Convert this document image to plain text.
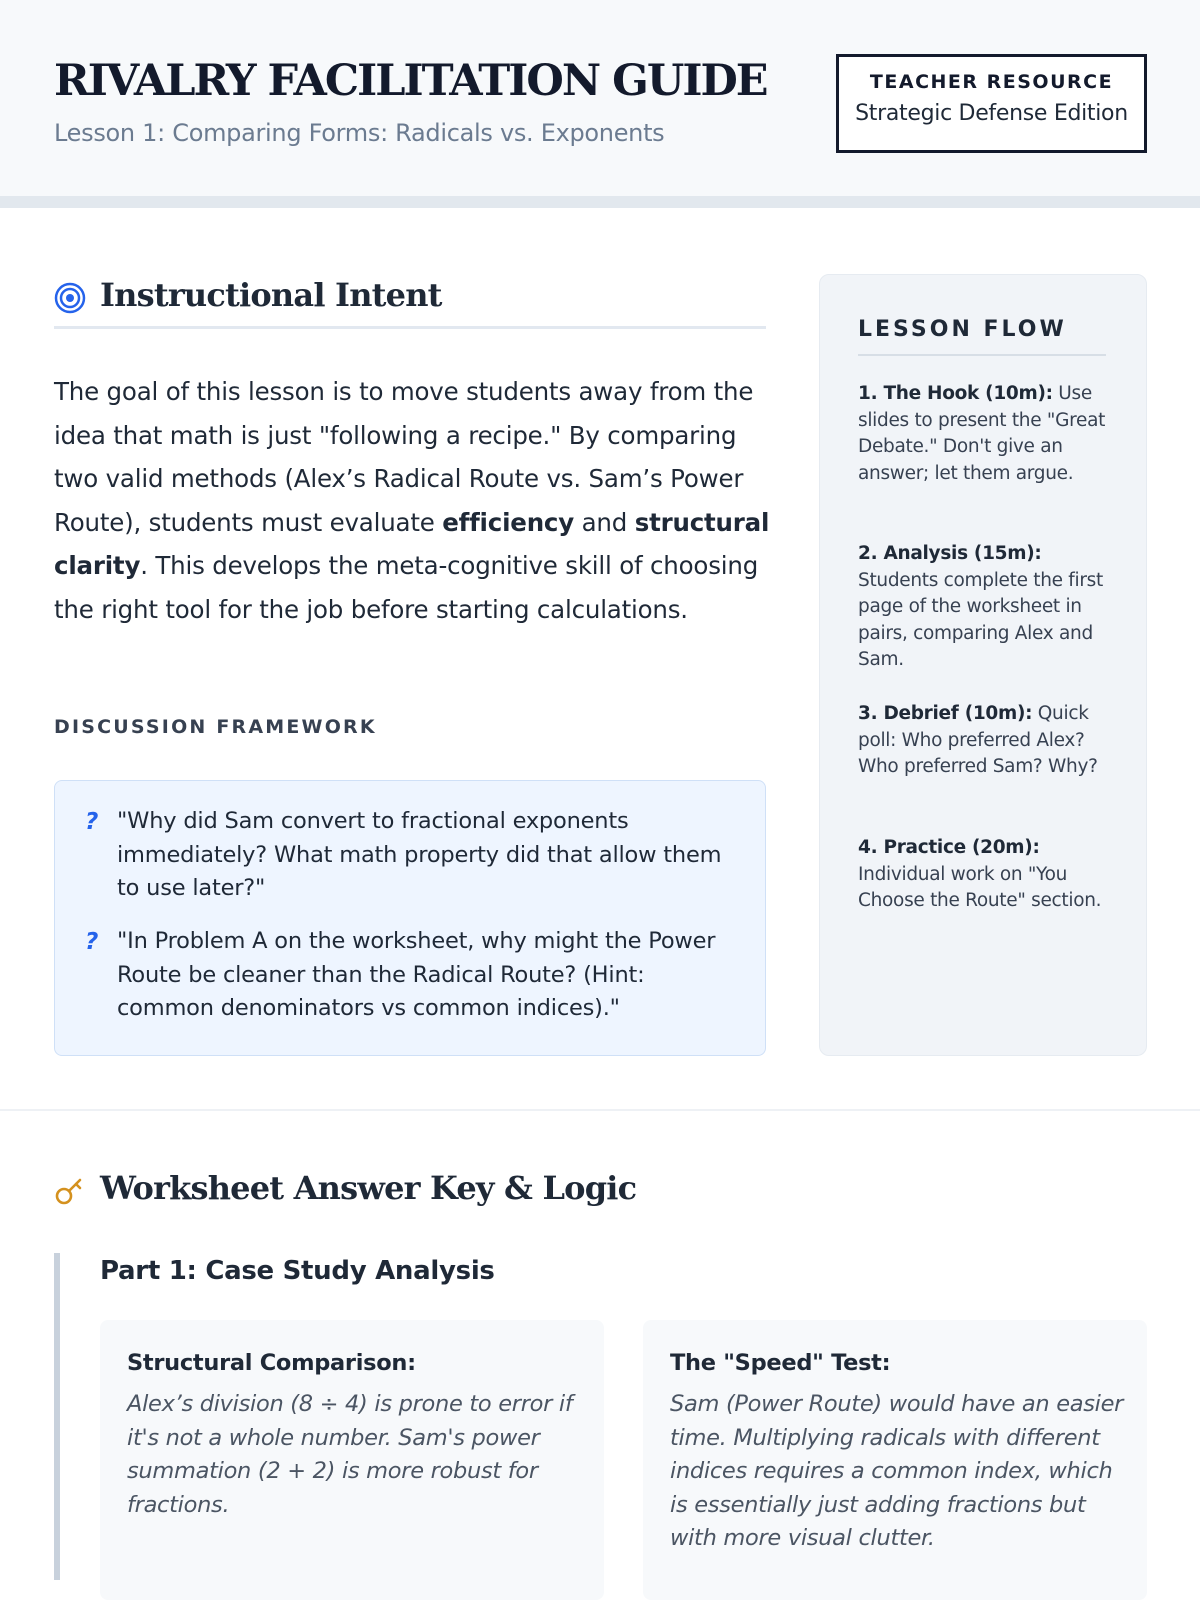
RIVALRY FACILITATION GUIDE
Lesson 1: Comparing Forms: Radicals vs. Exponents
TEACHER RESOURCE
Strategic Defense Edition
Instructional Intent
The goal of this lesson is to move students away from the idea that math is just "following a recipe." By comparing two valid methods (Alex’s Radical Route vs. Sam’s Power Route), students must evaluate efficiency and structural clarity. This develops the meta-cognitive skill of choosing the right tool for the job before starting calculations.
DISCUSSION FRAMEWORK
? "Why did Sam convert to fractional exponents immediately? What math property did that allow them to use later?"
? "In Problem A on the worksheet, why might the Power Route be cleaner than the Radical Route? (Hint: common denominators vs common indices)."
LESSON FLOW
1. The Hook (10m): Use slides to present the "Great Debate." Don't give an answer; let them argue.
2. Analysis (15m): Students complete the first page of the worksheet in pairs, comparing Alex and Sam.
3. Debrief (10m): Quick poll: Who preferred Alex? Who preferred Sam? Why?
4. Practice (20m): Individual work on "You Choose the Route" section.
Worksheet Answer Key & Logic
Part 1: Case Study Analysis
Structural Comparison:
Alex’s division (8 ÷ 4) is prone to error if it's not a whole number. Sam's power summation (2 + 2) is more robust for fractions.
The "Speed" Test:
Sam (Power Route) would have an easier time. Multiplying radicals with different indices requires a common index, which is essentially just adding fractions but with more visual clutter.
